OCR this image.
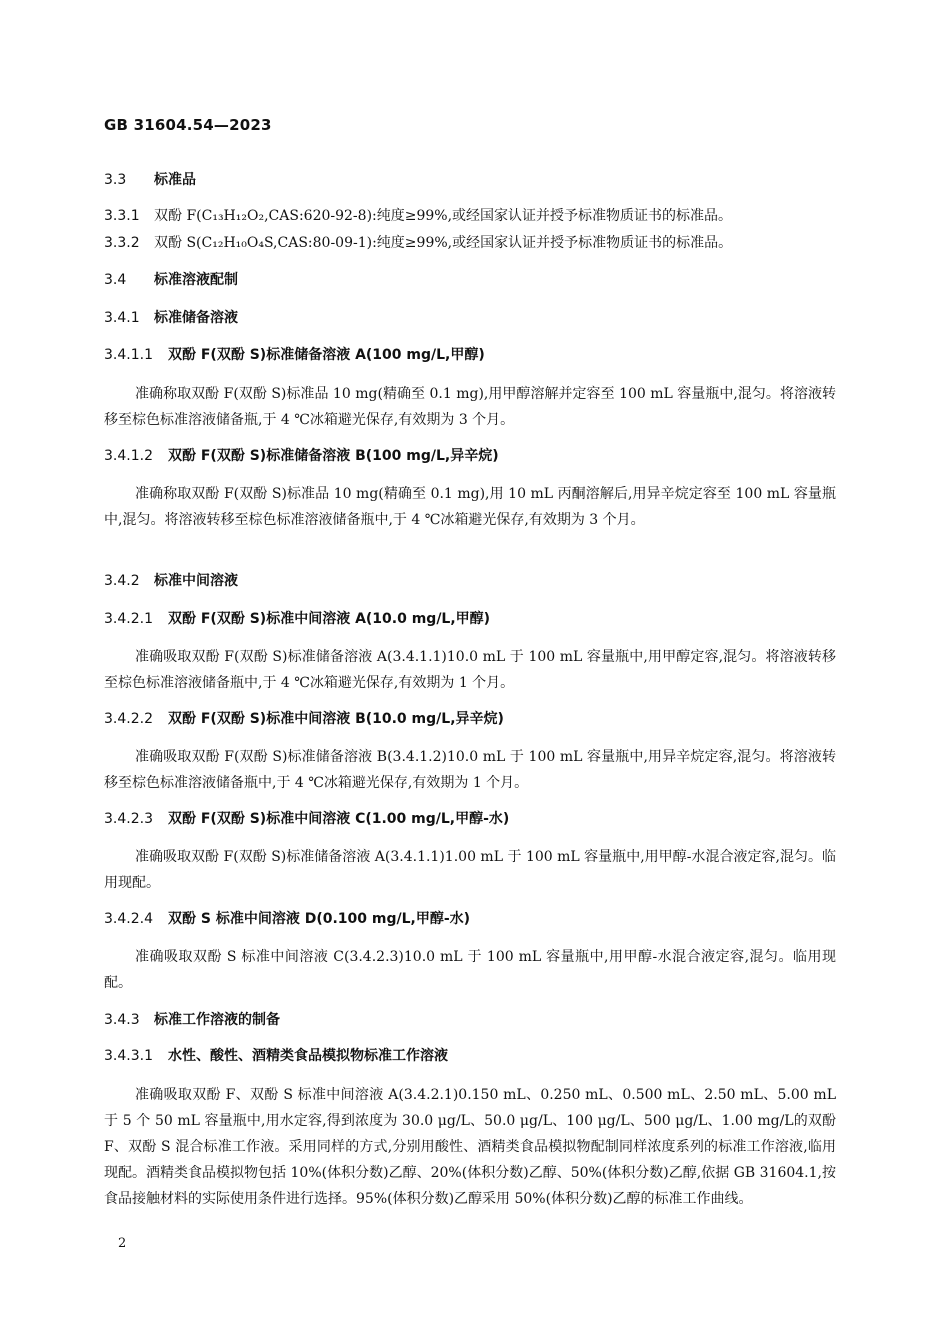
GB 31604.54—2023
3.3 标准品
3.3.1 双酚 F(C₁₃H₁₂O₂,CAS:620-92-8):纯度≥99%,或经国家认证并授予标准物质证书的标准品。
3.3.2 双酚 S(C₁₂H₁₀O₄S,CAS:80-09-1):纯度≥99%,或经国家认证并授予标准物质证书的标准品。
3.4 标准溶液配制
3.4.1 标准储备溶液
3.4.1.1 双酚 F(双酚 S)标准储备溶液 A(100 mg/L,甲醇)
准确称取双酚 F(双酚 S)标准品 10 mg(精确至 0.1 mg),用甲醇溶解并定容至 100 mL 容量瓶中,混匀。将溶液转移至棕色标准溶液储备瓶,于 4 ℃冰箱避光保存,有效期为 3 个月。
3.4.1.2 双酚 F(双酚 S)标准储备溶液 B(100 mg/L,异辛烷)
准确称取双酚 F(双酚 S)标准品 10 mg(精确至 0.1 mg),用 10 mL 丙酮溶解后,用异辛烷定容至 100 mL 容量瓶中,混匀。将溶液转移至棕色标准溶液储备瓶中,于 4 ℃冰箱避光保存,有效期为 3 个月。
3.4.2 标准中间溶液
3.4.2.1 双酚 F(双酚 S)标准中间溶液 A(10.0 mg/L,甲醇)
准确吸取双酚 F(双酚 S)标准储备溶液 A(3.4.1.1)10.0 mL 于 100 mL 容量瓶中,用甲醇定容,混匀。将溶液转移至棕色标准溶液储备瓶中,于 4 ℃冰箱避光保存,有效期为 1 个月。
3.4.2.2 双酚 F(双酚 S)标准中间溶液 B(10.0 mg/L,异辛烷)
准确吸取双酚 F(双酚 S)标准储备溶液 B(3.4.1.2)10.0 mL 于 100 mL 容量瓶中,用异辛烷定容,混匀。将溶液转移至棕色标准溶液储备瓶中,于 4 ℃冰箱避光保存,有效期为 1 个月。
3.4.2.3 双酚 F(双酚 S)标准中间溶液 C(1.00 mg/L,甲醇-水)
准确吸取双酚 F(双酚 S)标准储备溶液 A(3.4.1.1)1.00 mL 于 100 mL 容量瓶中,用甲醇-水混合液定容,混匀。临用现配。
3.4.2.4 双酚 S 标准中间溶液 D(0.100 mg/L,甲醇-水)
准确吸取双酚 S 标准中间溶液 C(3.4.2.3)10.0 mL 于 100 mL 容量瓶中,用甲醇-水混合液定容,混匀。临用现配。
3.4.3 标准工作溶液的制备
3.4.3.1 水性、酸性、酒精类食品模拟物标准工作溶液
准确吸取双酚 F、双酚 S 标准中间溶液 A(3.4.2.1)0.150 mL、0.250 mL、0.500 mL、2.50 mL、5.00 mL于 5 个 50 mL 容量瓶中,用水定容,得到浓度为 30.0 μg/L、50.0 μg/L、100 μg/L、500 μg/L、1.00 mg/L的双酚 F、双酚 S 混合标准工作液。采用同样的方式,分别用酸性、酒精类食品模拟物配制同样浓度系列的标准工作溶液,临用现配。酒精类食品模拟物包括 10%(体积分数)乙醇、20%(体积分数)乙醇、50%(体积分数)乙醇,依据 GB 31604.1,按食品接触材料的实际使用条件进行选择。95%(体积分数)乙醇采用 50%(体积分数)乙醇的标准工作曲线。
2
